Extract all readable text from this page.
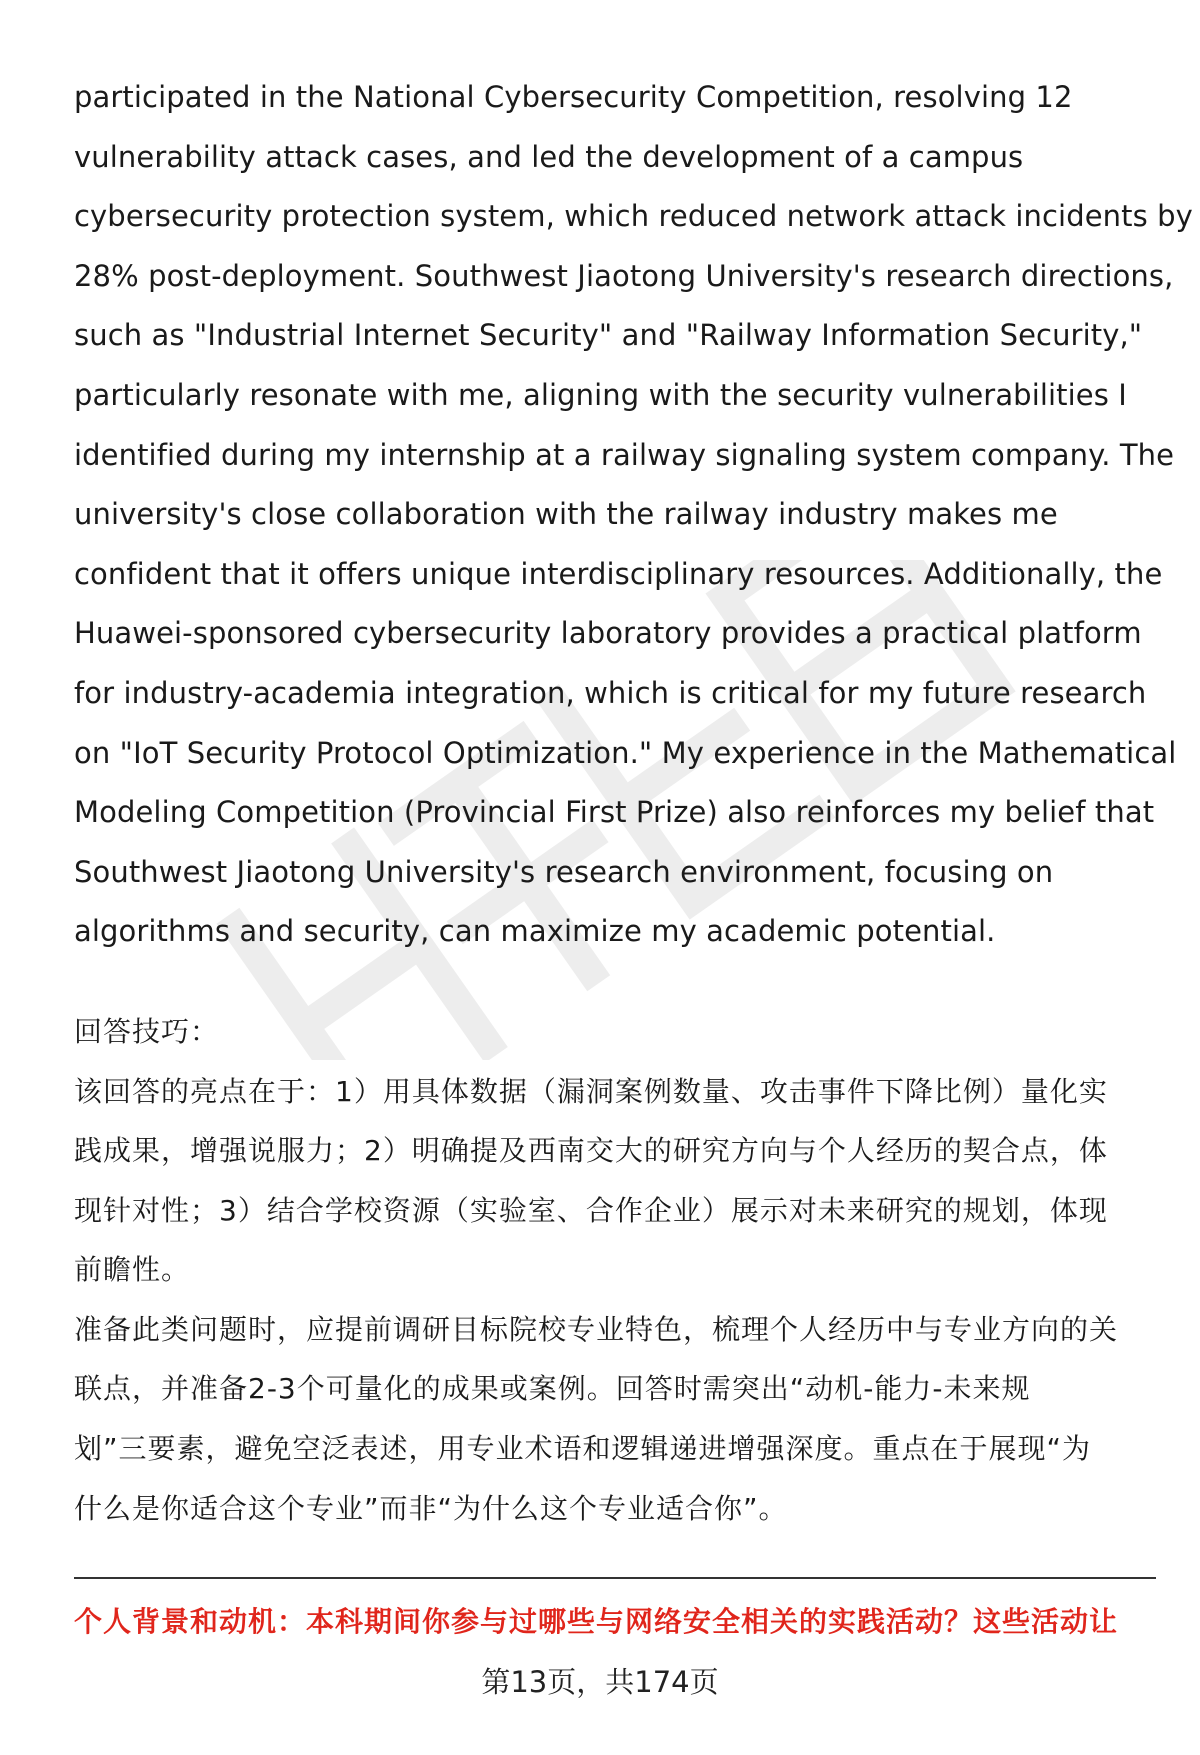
participated in the National Cybersecurity Competition, resolving 12

vulnerability attack cases, and led the development of a campus

cybersecurity protection system, which reduced network attack incidents by

28% post-deployment. Southwest Jiaotong University's research directions,

such as "Industrial Internet Security" and "Railway Information Security,"

particularly resonate with me, aligning with the security vulnerabilities I

identified during my internship at a railway signaling system company. The

university's close collaboration with the railway industry makes me

confident that it offers unique interdisciplinary resources. Additionally, the

Huawei-sponsored cybersecurity laboratory provides a practical platform

for industry-academia integration, which is critical for my future research

on "IoT Security Protocol Optimization." My experience in the Mathematical

Modeling Competition (Provincial First Prize) also reinforces my belief that

Southwest Jiaotong University's research environment, focusing on

algorithms and security, can maximize my academic potential.

回答技巧：

该回答的亮点在于：1）用具体数据（漏洞案例数量、攻击事件下降比例）量化实

践成果，增强说服力；2）明确提及西南交大的研究方向与个人经历的契合点，体

现针对性；3）结合学校资源（实验室、合作企业）展示对未来研究的规划，体现

前瞻性。

准备此类问题时，应提前调研目标院校专业特色，梳理个人经历中与专业方向的关

联点，并准备2-3个可量化的成果或案例。回答时需突出“动机-能力-未来规

划”三要素，避免空泛表述，用专业术语和逻辑递进增强深度。重点在于展现“为

什么是你适合这个专业”而非“为什么这个专业适合你”。

个人背景和动机：本科期间你参与过哪些与网络安全相关的实践活动？这些活动让
第13页，共174页
